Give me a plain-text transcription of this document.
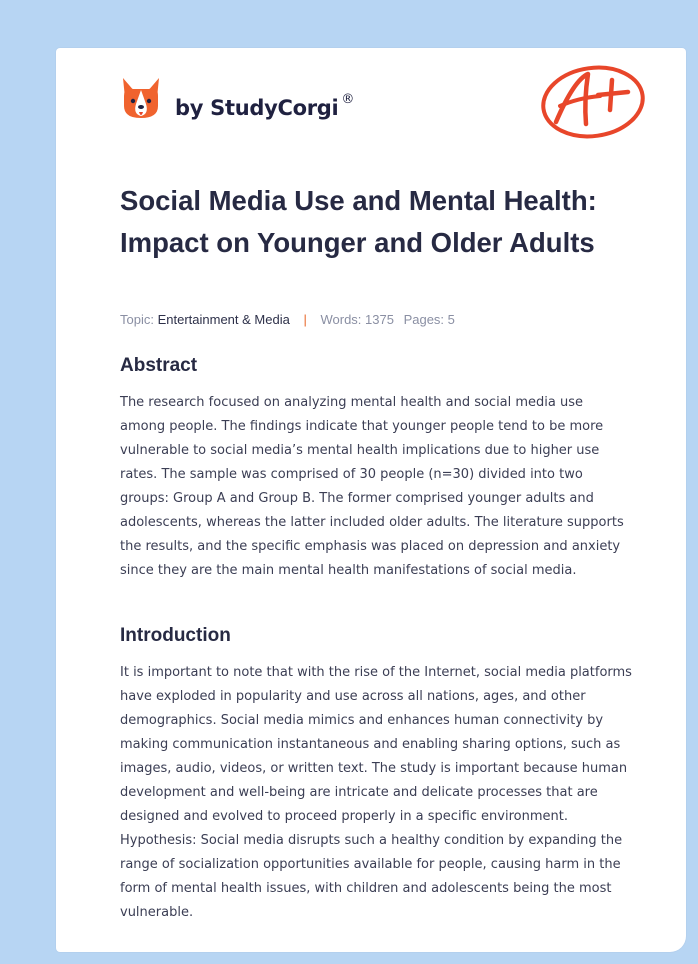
by StudyCorgi ®
Social Media Use and Mental Health: Impact on Younger and Older Adults
Topic: Entertainment & Media | Words: 1375 Pages: 5
Abstract

The research focused on analyzing mental health and social media use among people. The findings indicate that younger people tend to be more vulnerable to social media’s mental health implications due to higher use rates. The sample was comprised of 30 people (n=30) divided into two groups: Group A and Group B. The former comprised younger adults and adolescents, whereas the latter included older adults. The literature supports the results, and the specific emphasis was placed on depression and anxiety since they are the main mental health manifestations of social media.

Introduction

It is important to note that with the rise of the Internet, social media platforms have exploded in popularity and use across all nations, ages, and other demographics. Social media mimics and enhances human connectivity by making communication instantaneous and enabling sharing options, such as images, audio, videos, or written text. The study is important because human development and well-being are intricate and delicate processes that are designed and evolved to proceed properly in a specific environment. Hypothesis: Social media disrupts such a healthy condition by expanding the range of socialization opportunities available for people, causing harm in the form of mental health issues, with children and adolescents being the most vulnerable.
